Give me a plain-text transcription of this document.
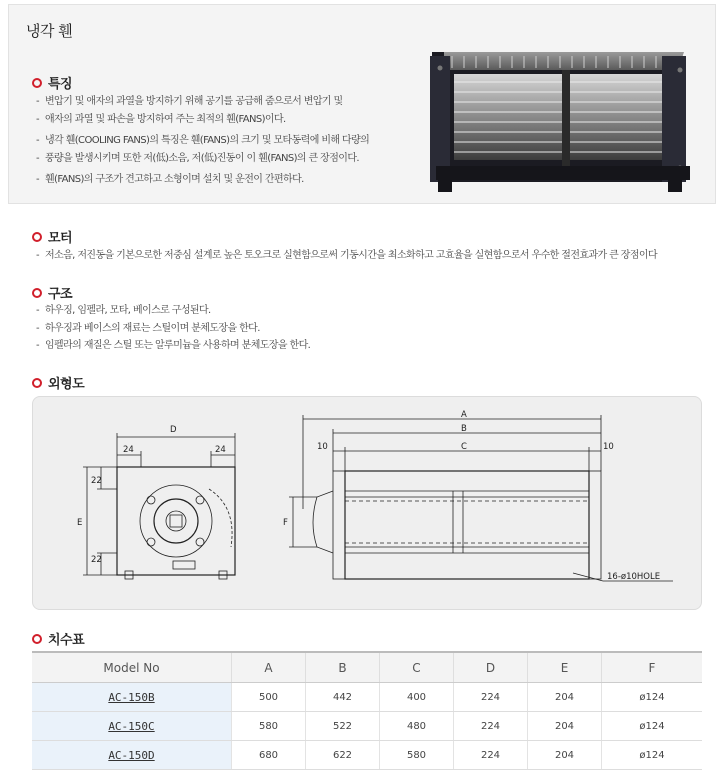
냉각 휀
특징
- 변압기 및 애자의 과열을 방지하기 위해 공기를 공급해 줌으로서 변압기 및
- 애자의 과열 및 파손을 방지하여 주는 최적의 휀(FANS)이다.
- 냉각 휀(COOLING FANS)의 특징은 휀(FANS)의 크기 및 모타동력에 비해 다량의
- 풍량을 발생시키며 또한 저(低)소음, 저(低)진동이 이 휀(FANS)의 큰 장점이다.
- 휀(FANS)의 구조가 견고하고 소형이며 설치 및 운전이 간편하다.
모터
- 저소음, 저진동을 기본으로한 저중심 설계로 높은 토오크로 실현함으로써 기동시간을 최소화하고 고효율을 실현함으로서 우수한 절전효과가 큰 장점이다
구조
- 하우징, 임펠라, 모타, 베이스로 구성된다.
- 하우징과 베이스의 재료는 스틸이며 분체도장을 한다.
- 임펠라의 재질은 스틸 또는 알루미늄을 사용하며 분체도장을 한다.
외형도
D
24	24
E
22
22
A
B
C
10	10
F
16-ø10HOLE
치수표
Model No	A	B	C	D	E	F
AC-150B	500	442	400	224	204	ø124
AC-150C	580	522	480	224	204	ø124
AC-150D	680	622	580	224	204	ø124
